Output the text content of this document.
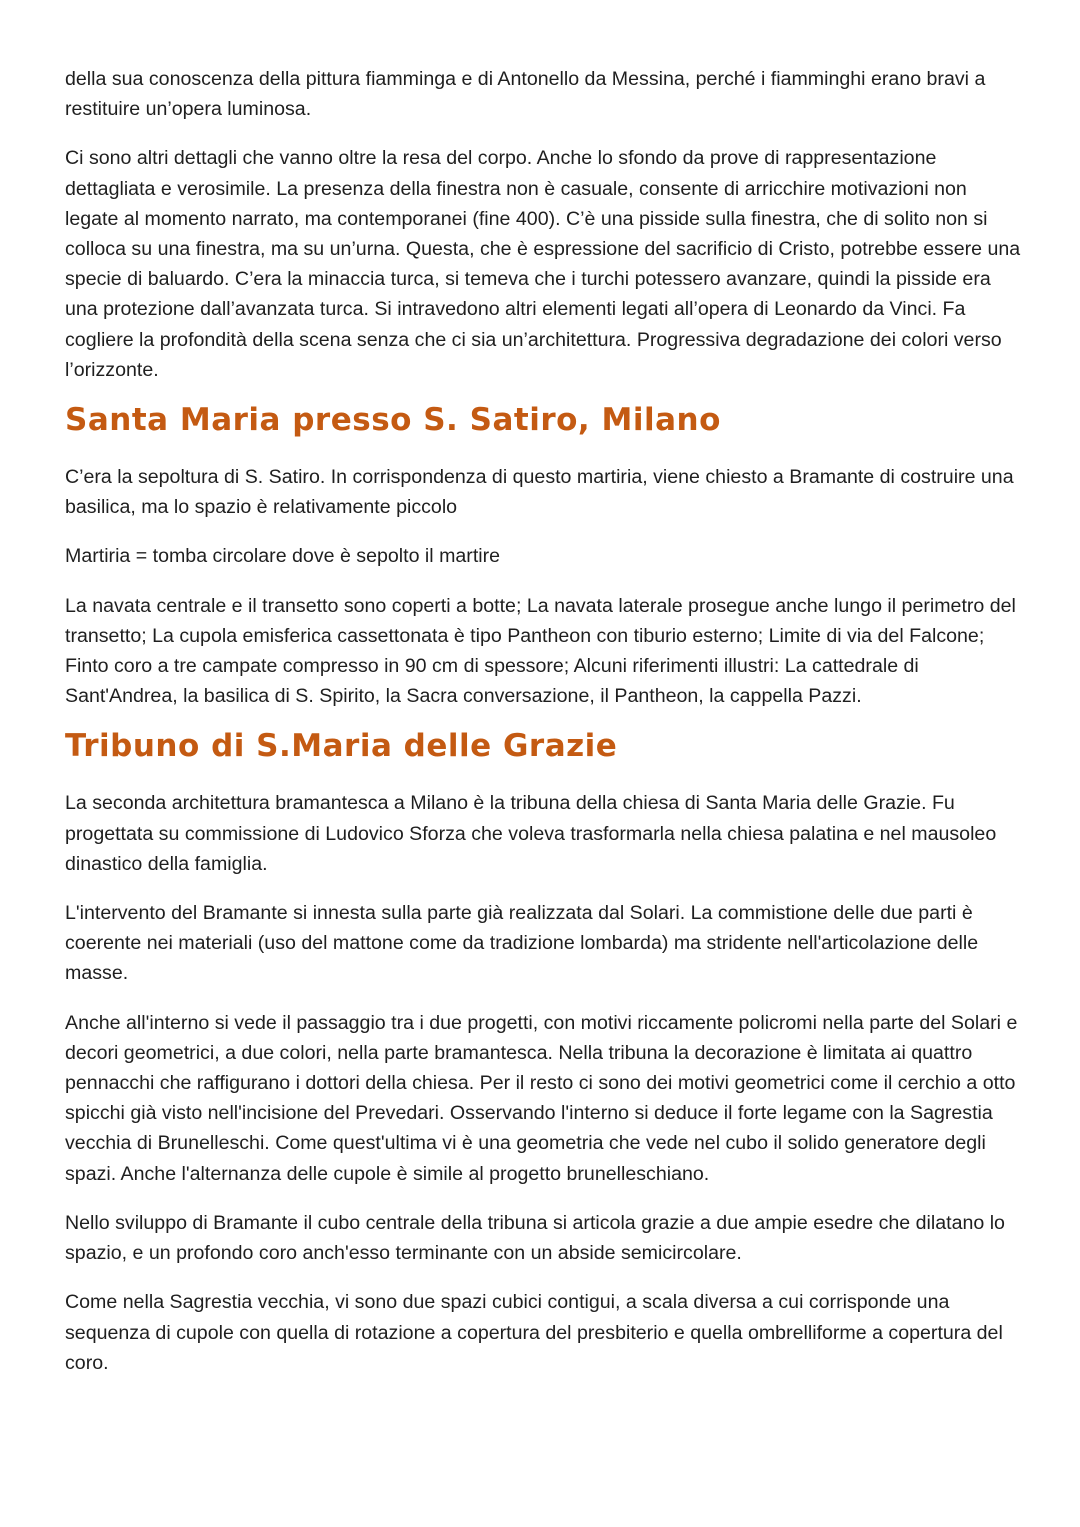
della sua conoscenza della pittura fiamminga e di Antonello da Messina, perché i fiamminghi erano bravi a restituire un’opera luminosa.

Ci sono altri dettagli che vanno oltre la resa del corpo. Anche lo sfondo da prove di rappresentazione dettagliata e verosimile. La presenza della finestra non è casuale, consente di arricchire motivazioni non legate al momento narrato, ma contemporanei (fine 400). C’è una pisside sulla finestra, che di solito non si colloca su una finestra, ma su un’urna. Questa, che è espressione del sacrificio di Cristo, potrebbe essere una specie di baluardo. C’era la minaccia turca, si temeva che i turchi potessero avanzare, quindi la pisside era una protezione dall’avanzata turca. Si intravedono altri elementi legati all’opera di Leonardo da Vinci. Fa cogliere la profondità della scena senza che ci sia un’architettura. Progressiva degradazione dei colori verso l’orizzonte.

Santa Maria presso S. Satiro, Milano

C’era la sepoltura di S. Satiro. In corrispondenza di questo martiria, viene chiesto a Bramante di costruire una basilica, ma lo spazio è relativamente piccolo

Martiria = tomba circolare dove è sepolto il martire

La navata centrale e il transetto sono coperti a botte; La navata laterale prosegue anche lungo il perimetro del transetto; La cupola emisferica cassettonata è tipo Pantheon con tiburio esterno; Limite di via del Falcone; Finto coro a tre campate compresso in 90 cm di spessore; Alcuni riferimenti illustri: La cattedrale di Sant'Andrea, la basilica di S. Spirito, la Sacra conversazione, il Pantheon, la cappella Pazzi.

Tribuno di S.Maria delle Grazie

La seconda architettura bramantesca a Milano è la tribuna della chiesa di Santa Maria delle Grazie. Fu progettata su commissione di Ludovico Sforza che voleva trasformarla nella chiesa palatina e nel mausoleo dinastico della famiglia.

L'intervento del Bramante si innesta sulla parte già realizzata dal Solari. La commistione delle due parti è coerente nei materiali (uso del mattone come da tradizione lombarda) ma stridente nell'articolazione delle masse.

Anche all'interno si vede il passaggio tra i due progetti, con motivi riccamente policromi nella parte del Solari e decori geometrici, a due colori, nella parte bramantesca. Nella tribuna la decorazione è limitata ai quattro pennacchi che raffigurano i dottori della chiesa. Per il resto ci sono dei motivi geometrici come il cerchio a otto spicchi già visto nell'incisione del Prevedari. Osservando l'interno si deduce il forte legame con la Sagrestia vecchia di Brunelleschi. Come quest'ultima vi è una geometria che vede nel cubo il solido generatore degli spazi. Anche l'alternanza delle cupole è simile al progetto brunelleschiano.

Nello sviluppo di Bramante il cubo centrale della tribuna si articola grazie a due ampie esedre che dilatano lo spazio, e un profondo coro anch'esso terminante con un abside semicircolare.

Come nella Sagrestia vecchia, vi sono due spazi cubici contigui, a scala diversa a cui corrisponde una sequenza di cupole con quella di rotazione a copertura del presbiterio e quella ombrelliforme a copertura del coro.
